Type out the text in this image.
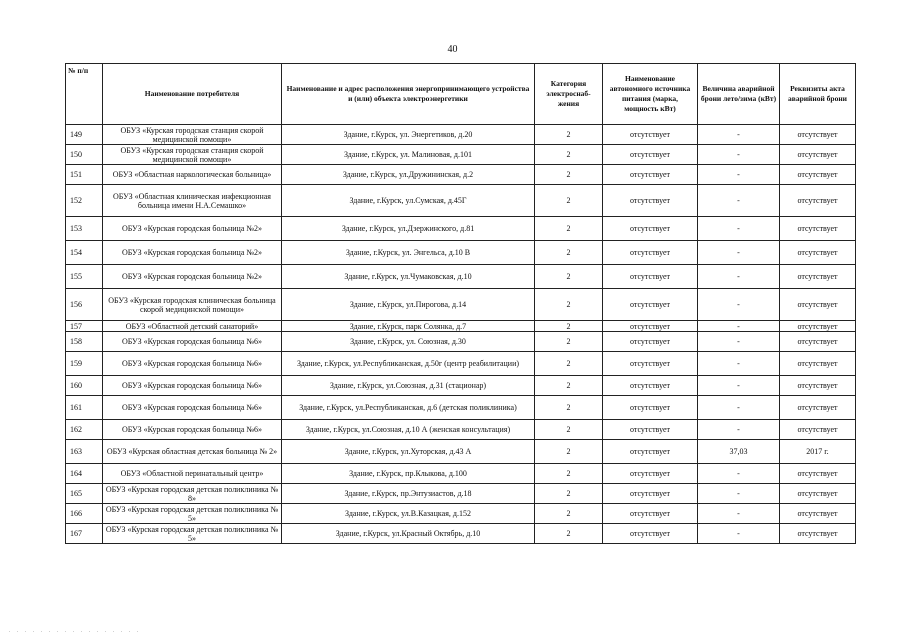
40
№ п/п	Наименование потребителя	Наименование и адрес расположения энергопринимающего устройства и (или) объекта электроэнергетики	Категория электроснаб-жения	Наименование автономного источника питания (марка, мощность кВт)	Величина аварийной брони лето/зима (кВт)	Реквизиты акта аварийной брони
149	ОБУЗ «Курская городская станция скорой медицинской помощи»	Здание, г.Курск, ул. Энергетиков, д.20	2	отсутствует	-	отсутствует
150	ОБУЗ «Курская городская станция скорой медицинской помощи»	Здание, г.Курск, ул. Малиновая, д.101	2	отсутствует	-	отсутствует
151	ОБУЗ «Областная наркологическая больница»	Здание, г.Курск, ул.Дружининская, д.2	2	отсутствует	-	отсутствует
152	ОБУЗ «Областная клиническая инфекционная больница имени Н.А.Семашко»	Здание, г.Курск, ул.Сумская, д.45Г	2	отсутствует	-	отсутствует
153	ОБУЗ «Курская городская больница №2»	Здание, г.Курск, ул.Дзержинского, д.81	2	отсутствует	-	отсутствует
154	ОБУЗ «Курская городская больница №2»	Здание, г.Курск, ул. Энгельса, д.10 В	2	отсутствует	-	отсутствует
155	ОБУЗ «Курская городская больница №2»	Здание, г.Курск, ул.Чумаковская, д.10	2	отсутствует	-	отсутствует
156	ОБУЗ «Курская городская клиническая больница скорой медицинской помощи»	Здание, г.Курск, ул.Пирогова, д.14	2	отсутствует	-	отсутствует
157	ОБУЗ «Областной детский санаторий»	Здание, г.Курск, парк Солянка, д.7	2	отсутствует	-	отсутствует
158	ОБУЗ «Курская городская больница №6»	Здание, г.Курск, ул. Союзная, д.30	2	отсутствует	-	отсутствует
159	ОБУЗ «Курская городская больница №6»	Здание, г.Курск, ул.Республиканская, д.50г (центр реабилитации)	2	отсутствует	-	отсутствует
160	ОБУЗ «Курская городская больница №6»	Здание, г.Курск, ул.Союзная, д.31 (стационар)	2	отсутствует	-	отсутствует
161	ОБУЗ «Курская городская больница №6»	Здание, г.Курск, ул.Республиканская, д.6 (детская поликлиника)	2	отсутствует	-	отсутствует
162	ОБУЗ «Курская городская больница №6»	Здание, г.Курск, ул.Союзная, д.10 А (женская консультация)	2	отсутствует	-	отсутствует
163	ОБУЗ «Курская областная детская больница № 2»	Здание, г.Курск, ул.Хуторская, д.43 А	2	отсутствует	37,03	2017 г.
164	ОБУЗ «Областной перинатальный центр»	Здание, г.Курск, пр.Клыкова, д.100	2	отсутствует	-	отсутствует
165	ОБУЗ «Курская городская детская поликлиника № 8»	Здание, г.Курск, пр.Энтузиастов, д.18	2	отсутствует	-	отсутствует
166	ОБУЗ «Курская городская детская поликлиника № 5»	Здание, г.Курск, ул.В.Казацкая, д.152	2	отсутствует	-	отсутствует
167	ОБУЗ «Курская городская детская поликлиника № 5»	Здание, г.Курск, ул.Красный Октябрь, д.10	2	отсутствует	-	отсутствует
. . . . . . . . . . . . . . . . .
